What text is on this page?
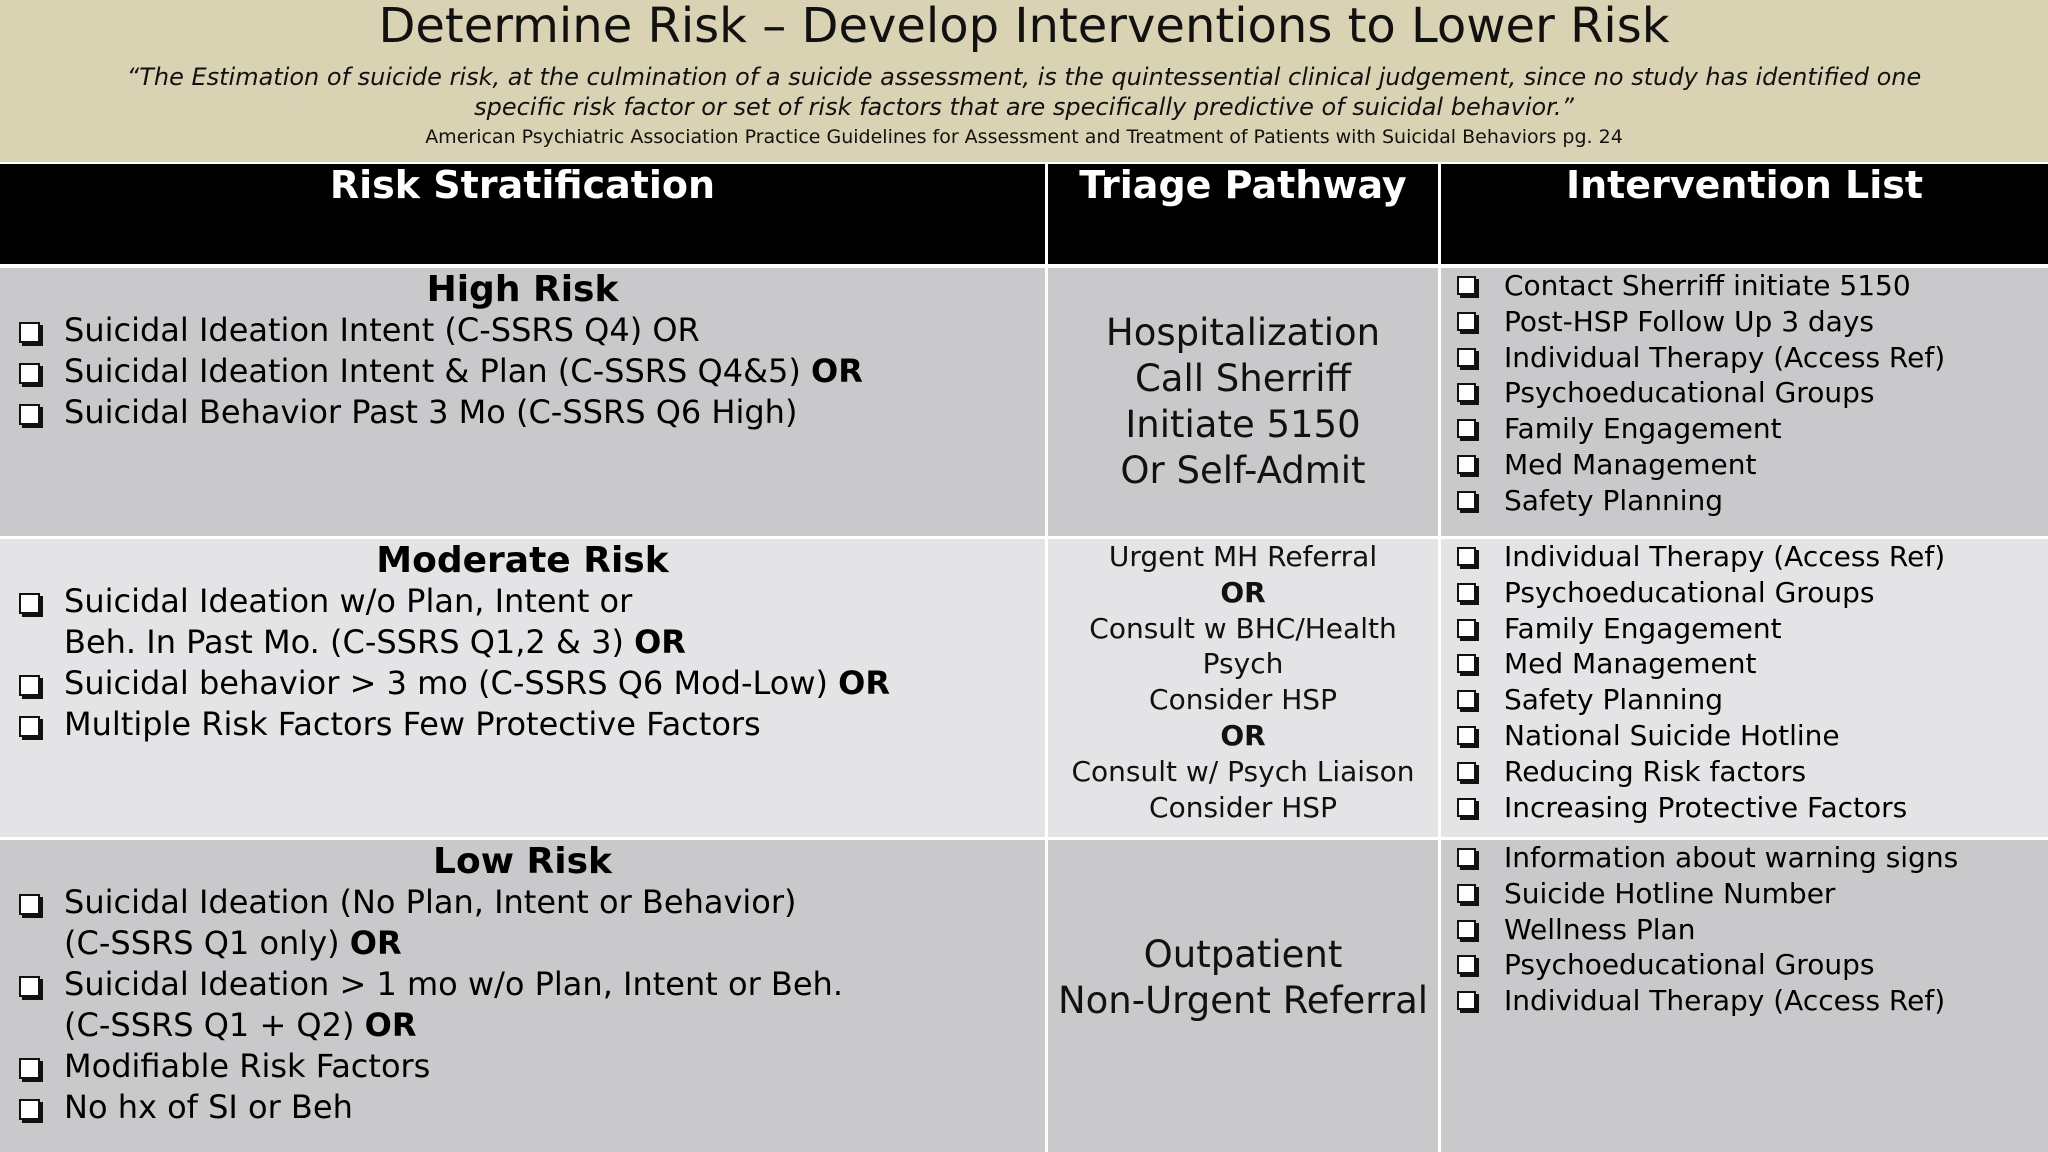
Determine Risk – Develop Interventions to Lower Risk
“The Estimation of suicide risk, at the culmination of a suicide assessment, is the quintessential clinical judgement, since no study has identified one specific risk factor or set of risk factors that are specifically predictive of suicidal behavior.”
American Psychiatric Association Practice Guidelines for Assessment and Treatment of Patients with Suicidal Behaviors pg. 24
Risk Stratification	Triage Pathway	Intervention List
High Risk
Suicidal Ideation Intent (C-SSRS Q4) OR
Suicidal Ideation Intent & Plan (C-SSRS Q4&5) OR
Suicidal Behavior Past 3 Mo (C-SSRS Q6 High)
Hospitalization
Call Sherriff
Initiate 5150
Or Self-Admit
Contact Sherriff initiate 5150
Post-HSP Follow Up 3 days
Individual Therapy (Access Ref)
Psychoeducational Groups
Family Engagement
Med Management
Safety Planning
Moderate Risk
Suicidal Ideation w/o Plan, Intent or
Beh. In Past Mo. (C-SSRS Q1,2 & 3) OR
Suicidal behavior > 3 mo (C-SSRS Q6 Mod-Low) OR
Multiple Risk Factors Few Protective Factors
Urgent MH Referral
OR
Consult w BHC/Health
Psych
Consider HSP
OR
Consult w/ Psych Liaison
Consider HSP
Individual Therapy (Access Ref)
Psychoeducational Groups
Family Engagement
Med Management
Safety Planning
National Suicide Hotline
Reducing Risk factors
Increasing Protective Factors
Low Risk
Suicidal Ideation (No Plan, Intent or Behavior)
(C-SSRS Q1 only) OR
Suicidal Ideation > 1 mo w/o Plan, Intent or Beh.
(C-SSRS Q1 + Q2) OR
Modifiable Risk Factors
No hx of SI or Beh
Outpatient
Non-Urgent Referral
Information about warning signs
Suicide Hotline Number
Wellness Plan
Psychoeducational Groups
Individual Therapy (Access Ref)
